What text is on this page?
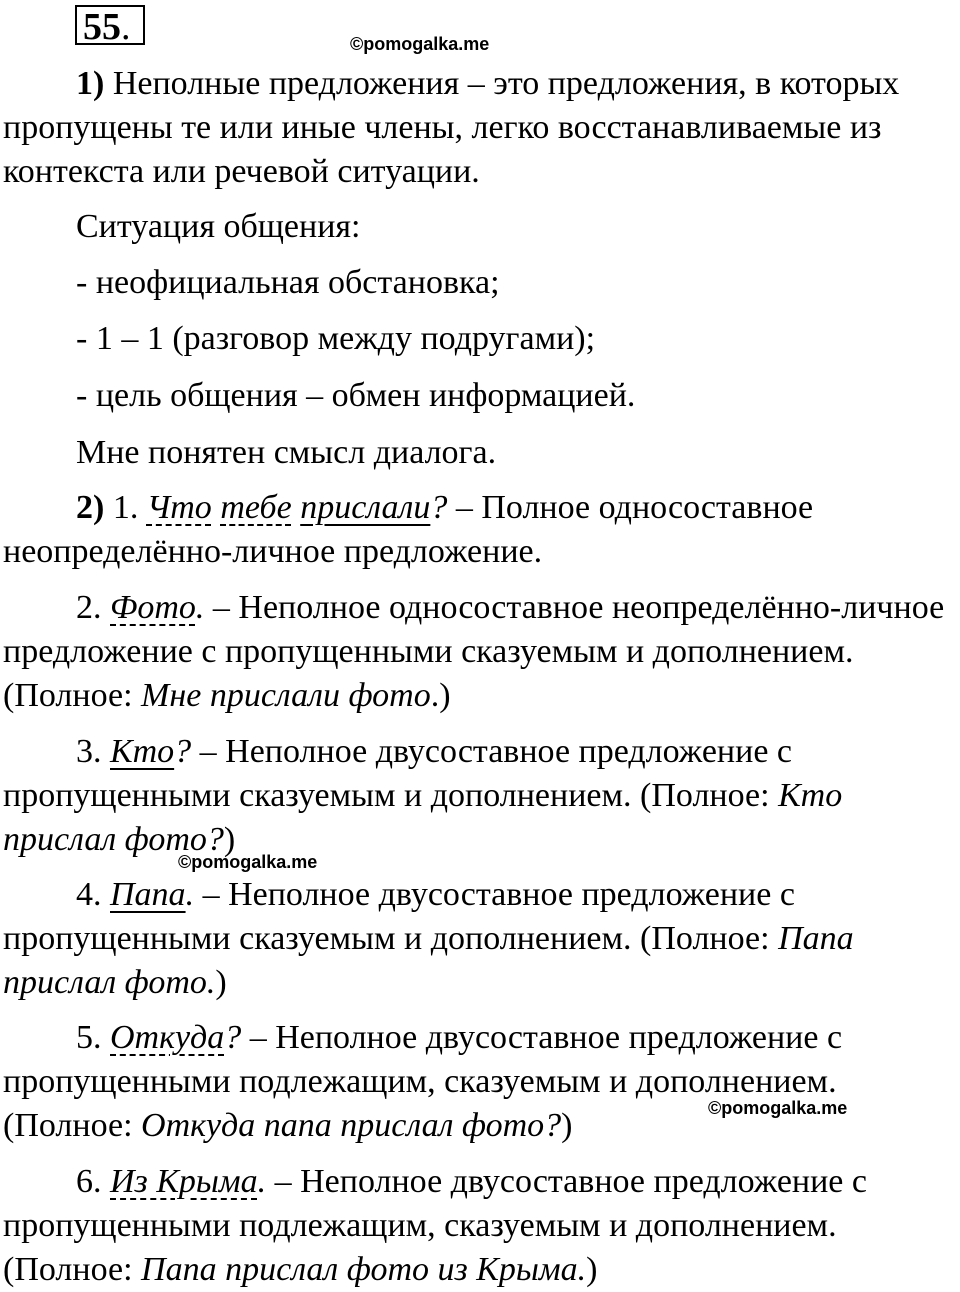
55.	©pomogalka.me
©pomogalka.me
©pomogalka.me

1) Неполные предложения – это предложения, в которых пропущены те или иные члены, легко восстанавливаемые из контекста или речевой ситуации.

Ситуация общения:

- неофициальная обстановка;

- 1 – 1 (разговор между подругами);

- цель общения – обмен информацией.

Мне понятен смысл диалога.

2) 1. Что тебе прислали? – Полное односоставное неопределённо-личное предложение.

2. Фото. – Неполное односоставное неопределённо-личное предложение с пропущенными сказуемым и дополнением. (Полное: Мне прислали фото.)

3. Кто? – Неполное двусоставное предложение с пропущенными сказуемым и дополнением. (Полное: Кто прислал фото?)

4. Папа. – Неполное двусоставное предложение с пропущенными сказуемым и дополнением. (Полное: Папа прислал фото.)

5. Откуда? – Неполное двусоставное предложение с пропущенными подлежащим, сказуемым и дополнением. (Полное: Откуда папа прислал фото?)

6. Из Крыма. – Неполное двусоставное предложение с пропущенными подлежащим, сказуемым и дополнением. (Полное: Папа прислал фото из Крыма.)
